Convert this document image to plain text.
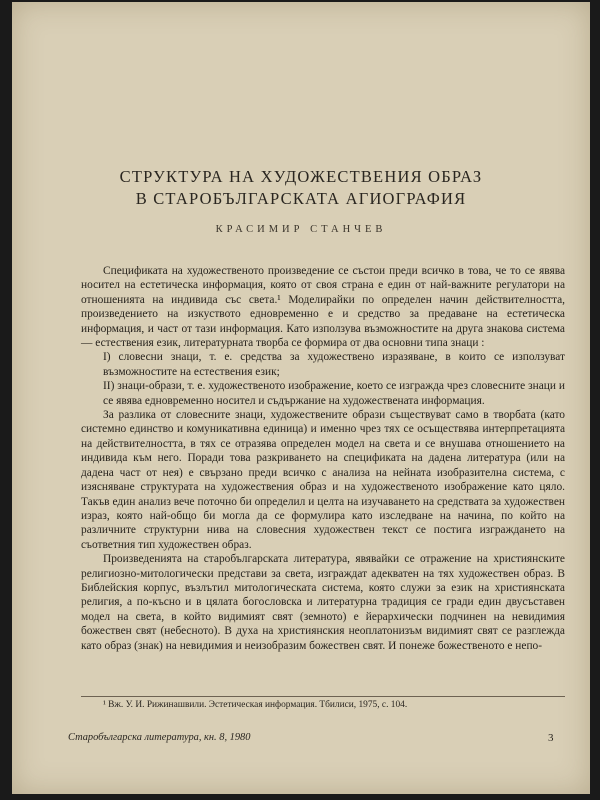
СТРУКТУРА НА ХУДОЖЕСТВЕНИЯ ОБРАЗ
В СТАРОБЪЛГАРСКАТА АГИОГРАФИЯ
КРАСИМИР СТАНЧЕВ

Спецификата на художественото произведение се състои преди всичко в това, че то се явява носител на естетическа информация, която от своя страна е един от най-важните регулатори на отношенията на индивида със света.¹ Моделирайки по определен начин действителността, произведението на изкуството едновременно е и средство за предаване на естетическа информация, и част от тази информация. Като използува възможностите на друга знакова система — естествения език, литературната творба се формира от два основни типа знаци :

I) словесни знаци, т. е. средства за художествено изразяване, в които се използуват възможностите на естествения език;

II) знаци-образи, т. е. художественото изображение, което се изгражда чрез словесните знаци и се явява едновременно носител и съдържание на художествената информация.

За разлика от словесните знаци, художествените образи съществуват само в творбата (като системно единство и комуникативна единица) и именно чрез тях се осъществява интерпретацията на действителността, в тях се отразява определен модел на света и се внушава отношението на индивида към него. Поради това разкриването на спецификата на дадена литература (или на дадена част от нея) е свързано преди всичко с анализа на нейната изобразителна система, с изясняване структурата на художествения образ и на художественото изображение като цяло. Такъв един анализ вече поточно би определил и целта на изучаването на средствата за художествен израз, която най-общо би могла да се формулира като изследване на начина, по който на различните структурни нива на словесния художествен текст се постига изграждането на съответния тип художествен образ.

Произведенията на старобългарската литература, явявайки се отражение на християнските религиозно-митологически представи за света, изграждат адекватен на тях художествен образ. В Библейския корпус, възлътил митологическата система, която служи за език на християнската религия, а по-късно и в цялата богословска и литературна традиция се гради един двусъставен модел на света, в който видимият свят (земното) е йерархически подчинен на невидимия божествен свят (небесното). В духа на християнския неоплатонизъм видимият свят се разглежда като образ (знак) на невидимия и неизобразим божествен свят. И понеже божественото е непо-

¹ Вж. У. И. Рижинашвили. Эстетическая информация. Тбилиси, 1975, с. 104.
Старобългарска литература, кн. 8, 1980	3
